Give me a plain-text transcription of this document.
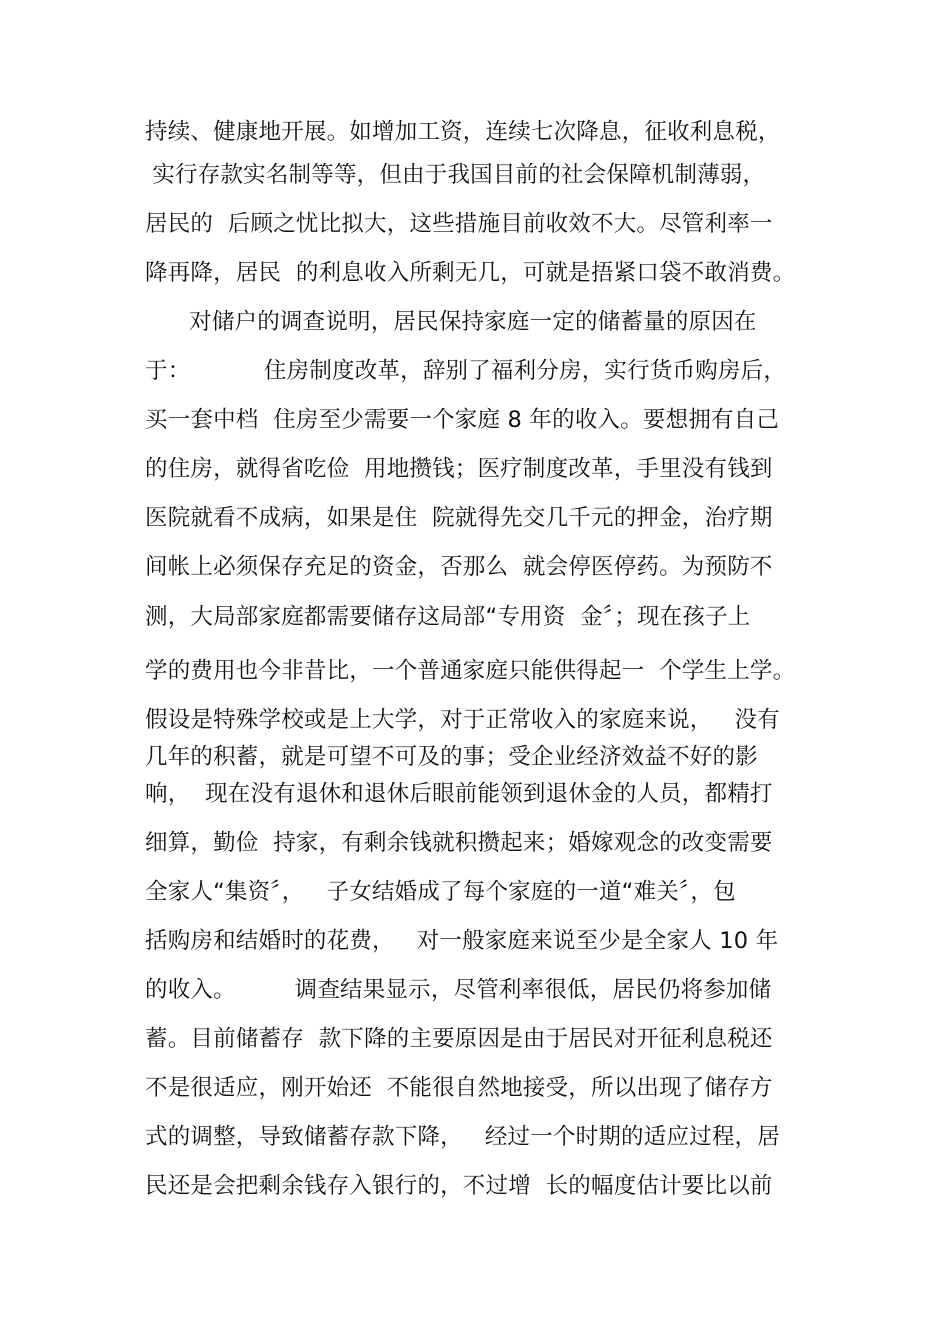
持续、健康地开展。如增加工资，连续七次降息，征收利息税，
实行存款实名制等等，但由于我国目前的社会保障机制薄弱，
居民的  后顾之忧比拟大，这些措施目前收效不大。尽管利率一
降再降，居民  的利息收入所剩无几，可就是捂紧口袋不敢消费。
对储户的调查说明，居民保持家庭一定的储蓄量的原因在
于：          住房制度改革，辞别了福利分房，实行货币购房后，
买一套中档  住房至少需要一个家庭 8 年的收入。要想拥有自己
的住房，就得省吃俭  用地攒钱；医疗制度改革，手里没有钱到
医院就看不成病，如果是住  院就得先交几千元的押金，治疗期
间帐上必须保存充足的资金，否那么  就会停医停药。为预防不
测，大局部家庭都需要储存这局部“专用资  金〞；现在孩子上
学的费用也今非昔比，一个普通家庭只能供得起一  个学生上学。
假设是特殊学校或是上大学，对于正常收入的家庭来说，   没有
几年的积蓄，就是可望不可及的事；受企业经济效益不好的影
响，  现在没有退休和退休后眼前能领到退休金的人员，都精打
细算，勤俭  持家，有剩余钱就积攒起来；婚嫁观念的改变需要
全家人“集资〞，   子女结婚成了每个家庭的一道“难关〞，包
括购房和结婚时的花费，   对一般家庭来说至少是全家人 10 年
的收入。        调查结果显示，尽管利率很低，居民仍将参加储
蓄。目前储蓄存  款下降的主要原因是由于居民对开征利息税还
不是很适应，刚开始还  不能很自然地接受，所以出现了储存方
式的调整，导致储蓄存款下降，   经过一个时期的适应过程，居
民还是会把剩余钱存入银行的，不过增  长的幅度估计要比以前
